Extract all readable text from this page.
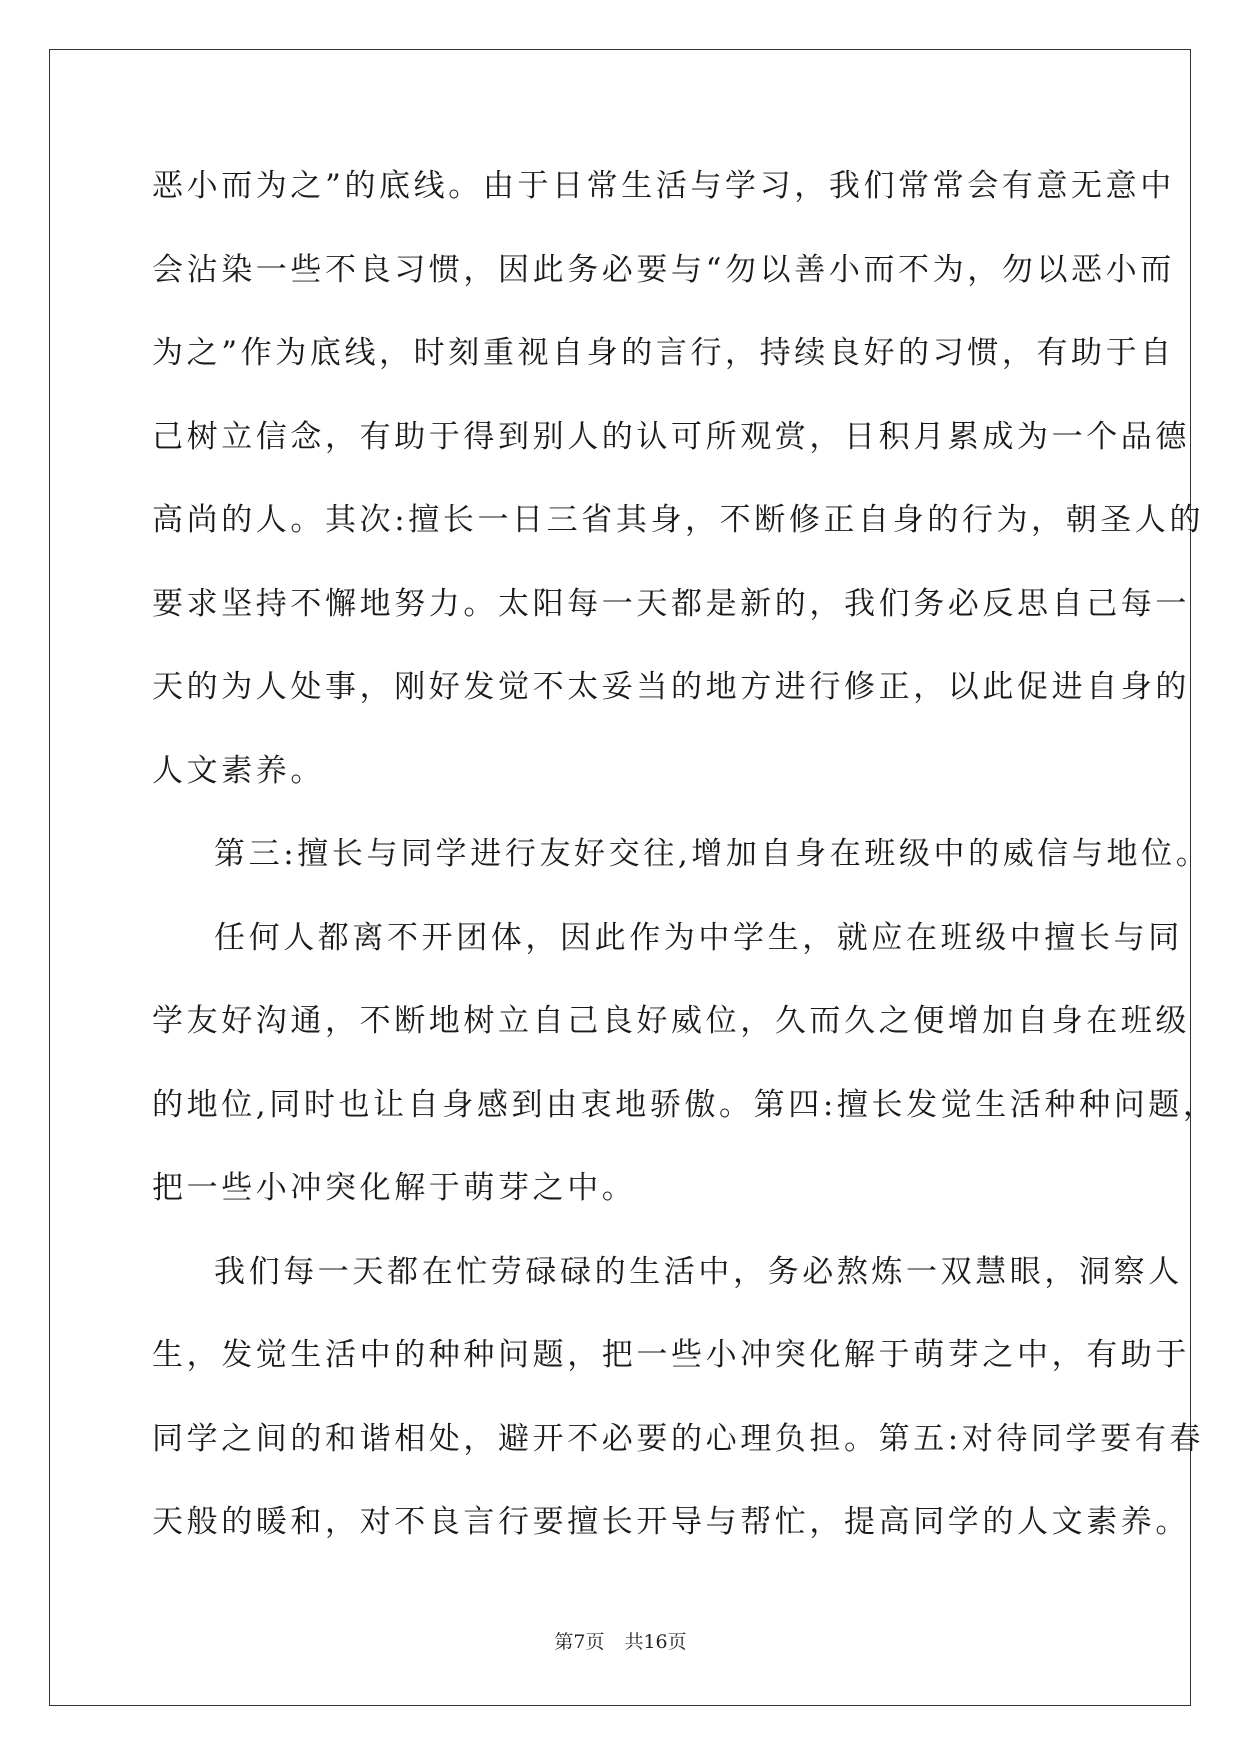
恶小而为之”的底线。由于日常生活与学习，我们常常会有意无意中
会沾染一些不良习惯，因此务必要与“勿以善小而不为，勿以恶小而
为之”作为底线，时刻重视自身的言行，持续良好的习惯，有助于自
己树立信念，有助于得到别人的认可所观赏，日积月累成为一个品德
高尚的人。其次:擅长一日三省其身，不断修正自身的行为，朝圣人的
要求坚持不懈地努力。太阳每一天都是新的，我们务必反思自己每一
天的为人处事，刚好发觉不太妥当的地方进行修正，以此促进自身的
人文素养。
第三:擅长与同学进行友好交往,增加自身在班级中的威信与地位。
任何人都离不开团体，因此作为中学生，就应在班级中擅长与同
学友好沟通，不断地树立自己良好威位，久而久之便增加自身在班级
的地位,同时也让自身感到由衷地骄傲。第四:擅长发觉生活种种问题，
把一些小冲突化解于萌芽之中。
我们每一天都在忙劳碌碌的生活中，务必熬炼一双慧眼，洞察人
生，发觉生活中的种种问题，把一些小冲突化解于萌芽之中，有助于
同学之间的和谐相处，避开不必要的心理负担。第五:对待同学要有春
天般的暖和，对不良言行要擅长开导与帮忙，提高同学的人文素养。
第7页 共16页
